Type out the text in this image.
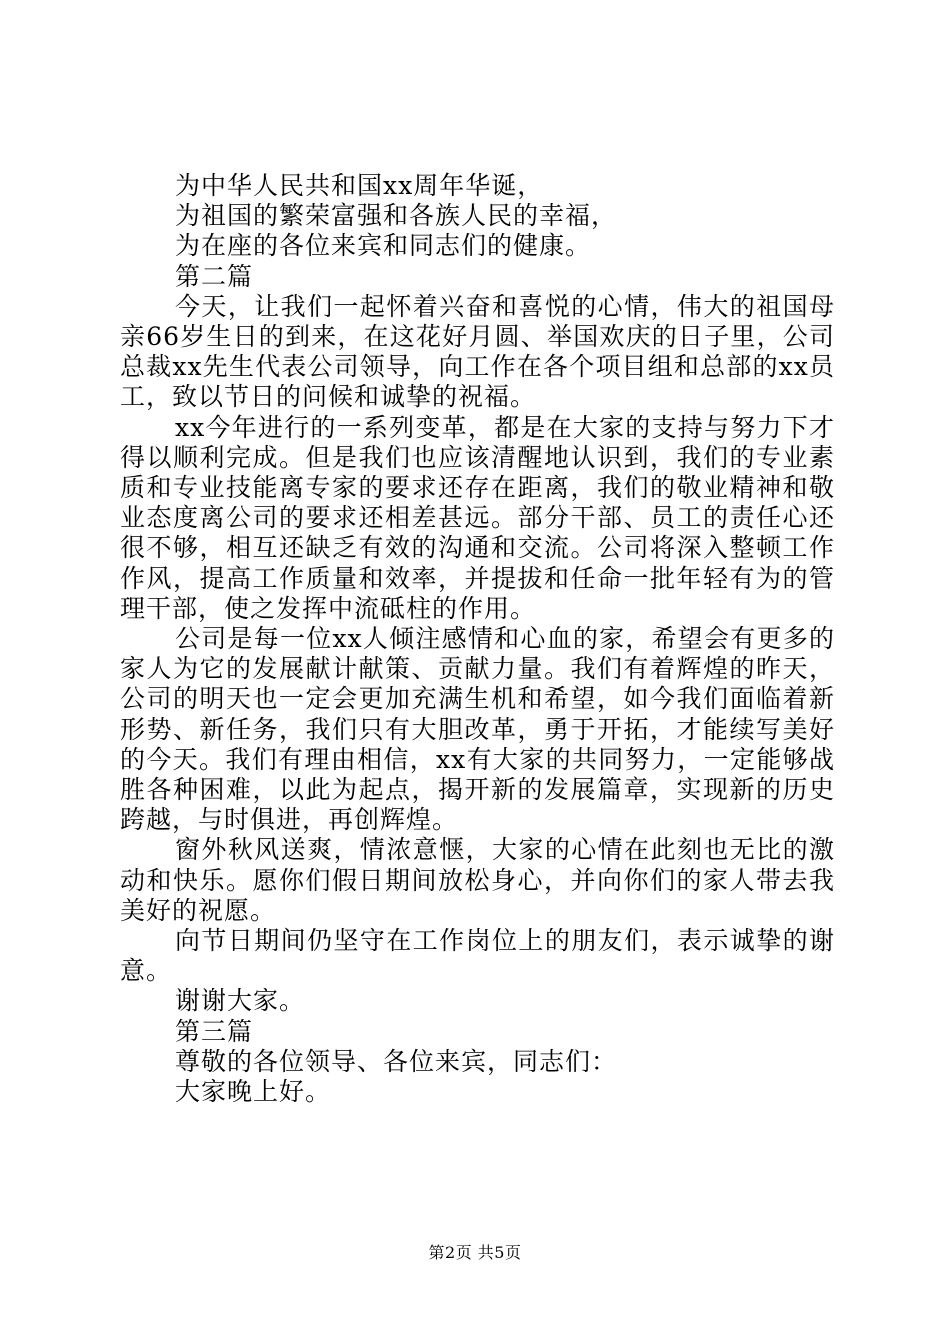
为中华人民共和国xx周年华诞，

为祖国的繁荣富强和各族人民的幸福，

为在座的各位来宾和同志们的健康。

第二篇

今天，让我们一起怀着兴奋和喜悦的心情，伟大的祖国母亲66岁生日的到来，在这花好月圆、举国欢庆的日子里，公司总裁xx先生代表公司领导，向工作在各个项目组和总部的xx员工，致以节日的问候和诚挚的祝福。

xx今年进行的一系列变革，都是在大家的支持与努力下才得以顺利完成。但是我们也应该清醒地认识到，我们的专业素质和专业技能离专家的要求还存在距离，我们的敬业精神和敬业态度离公司的要求还相差甚远。部分干部、员工的责任心还很不够，相互还缺乏有效的沟通和交流。公司将深入整顿工作作风，提高工作质量和效率，并提拔和任命一批年轻有为的管理干部，使之发挥中流砥柱的作用。

公司是每一位xx人倾注感情和心血的家，希望会有更多的家人为它的发展献计献策、贡献力量。我们有着辉煌的昨天，公司的明天也一定会更加充满生机和希望，如今我们面临着新形势、新任务，我们只有大胆改革，勇于开拓，才能续写美好的今天。我们有理由相信，xx有大家的共同努力，一定能够战胜各种困难，以此为起点，揭开新的发展篇章，实现新的历史跨越，与时俱进，再创辉煌。

窗外秋风送爽，情浓意惬，大家的心情在此刻也无比的激动和快乐。愿你们假日期间放松身心，并向你们的家人带去我美好的祝愿。

向节日期间仍坚守在工作岗位上的朋友们，表示诚挚的谢意。

谢谢大家。

第三篇

尊敬的各位领导、各位来宾，同志们：

大家晚上好。

第2页 共5页
